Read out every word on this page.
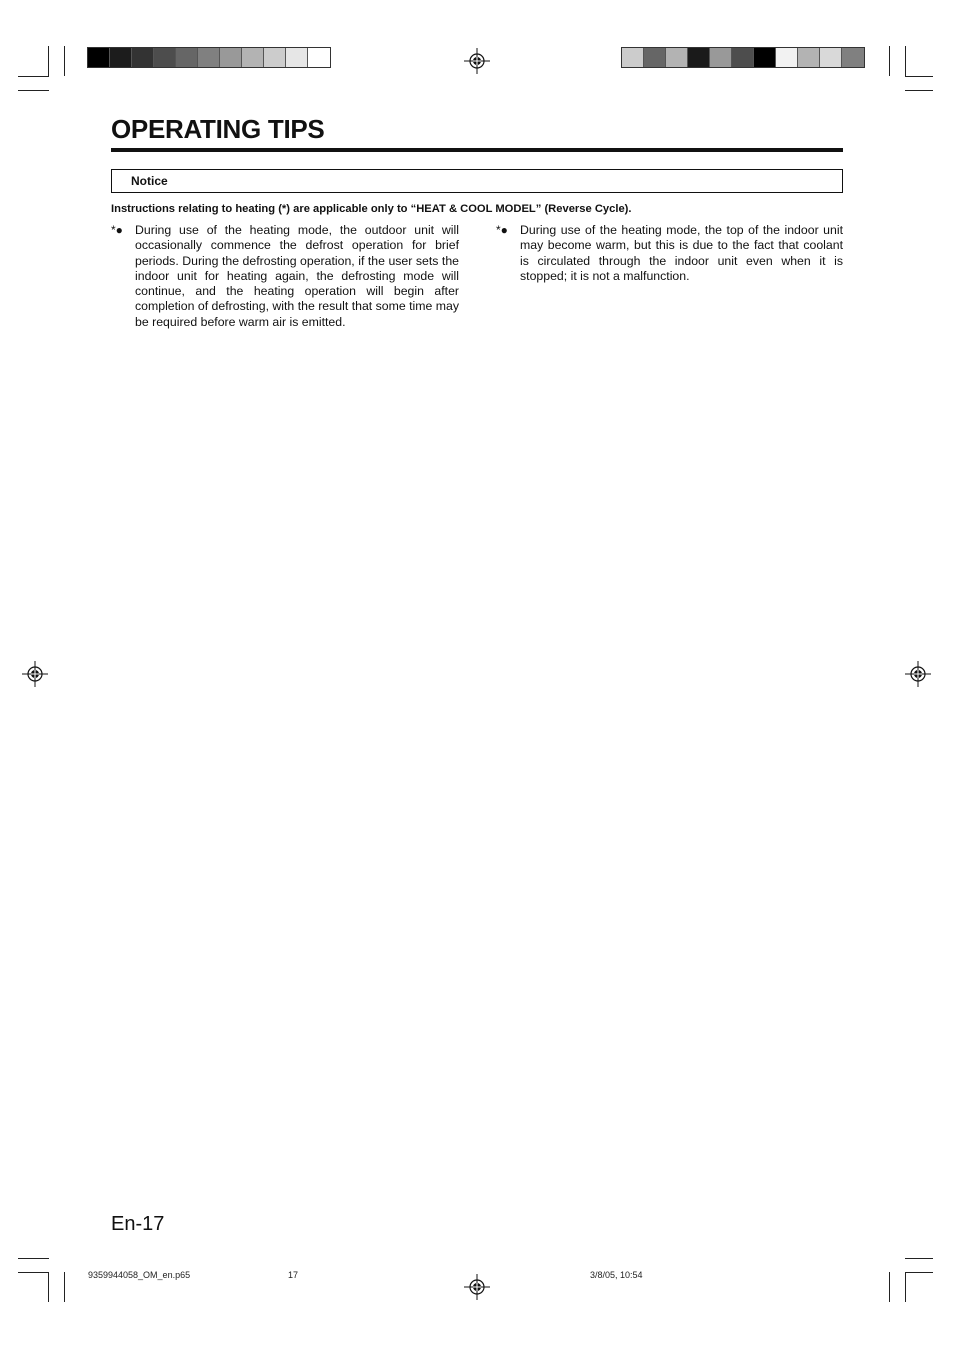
OPERATING TIPS
Notice
Instructions relating to heating (*) are applicable only to “HEAT & COOL MODEL” (Reverse Cycle).
*● During use of the heating mode, the outdoor unit will occasionally commence the defrost operation for brief periods. During the defrosting operation, if the user sets the indoor unit for heating again, the defrosting mode will continue, and the heating operation will begin after completion of defrosting, with the result that some time may be required before warm air is emitted.
*● During use of the heating mode, the top of the indoor unit may become warm, but this is due to the fact that coolant is circulated through the indoor unit even when it is stopped; it is not a malfunction.
En-17
9359944058_OM_en.p65	17	3/8/05, 10:54
